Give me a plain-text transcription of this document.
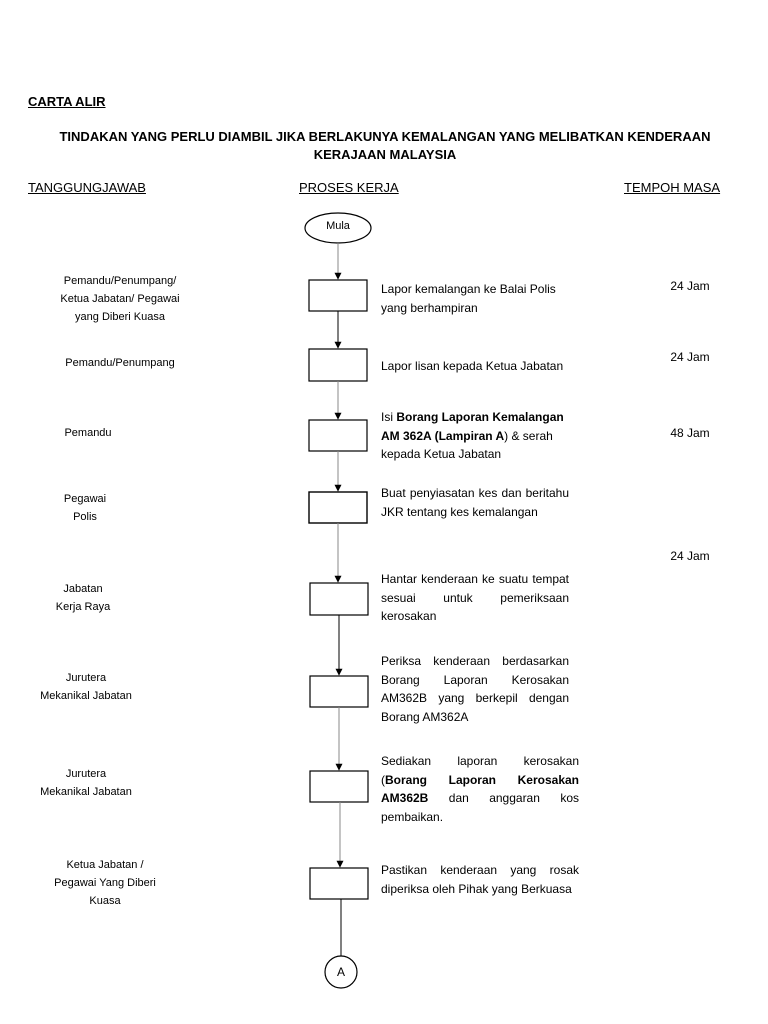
CARTA ALIR
TINDAKAN YANG PERLU DIAMBIL JIKA BERLAKUNYA KEMALANGAN YANG MELIBATKAN KENDERAAN KERAJAAN MALAYSIA
TANGGUNGJAWAB	PROSES KERJA	TEMPOH MASA
Mula
A
Pemandu/Penumpang/
Ketua Jabatan/ Pegawai
yang Diberi Kuasa
Pemandu/Penumpang
Pemandu
Pegawai
Polis
Jabatan
Kerja Raya
Jurutera
Mekanikal Jabatan
Jurutera
Mekanikal Jabatan
Ketua Jabatan /
Pegawai Yang Diberi
Kuasa
Lapor kemalangan ke Balai Polis yang berhampiran
Lapor lisan kepada Ketua Jabatan
Isi Borang Laporan Kemalangan AM 362A (Lampiran A) & serah kepada Ketua Jabatan
Buat penyiasatan kes dan beritahu JKR tentang kes kemalangan
Hantar kenderaan ke suatu tempat sesuai untuk pemeriksaan kerosakan
Periksa kenderaan berdasarkan Borang Laporan Kerosakan AM362B yang berkepil dengan Borang AM362A
Sediakan laporan kerosakan (Borang Laporan Kerosakan AM362B dan anggaran kos pembaikan.
Pastikan kenderaan yang rosak diperiksa oleh Pihak yang Berkuasa
24 Jam
24 Jam
48 Jam
24 Jam
